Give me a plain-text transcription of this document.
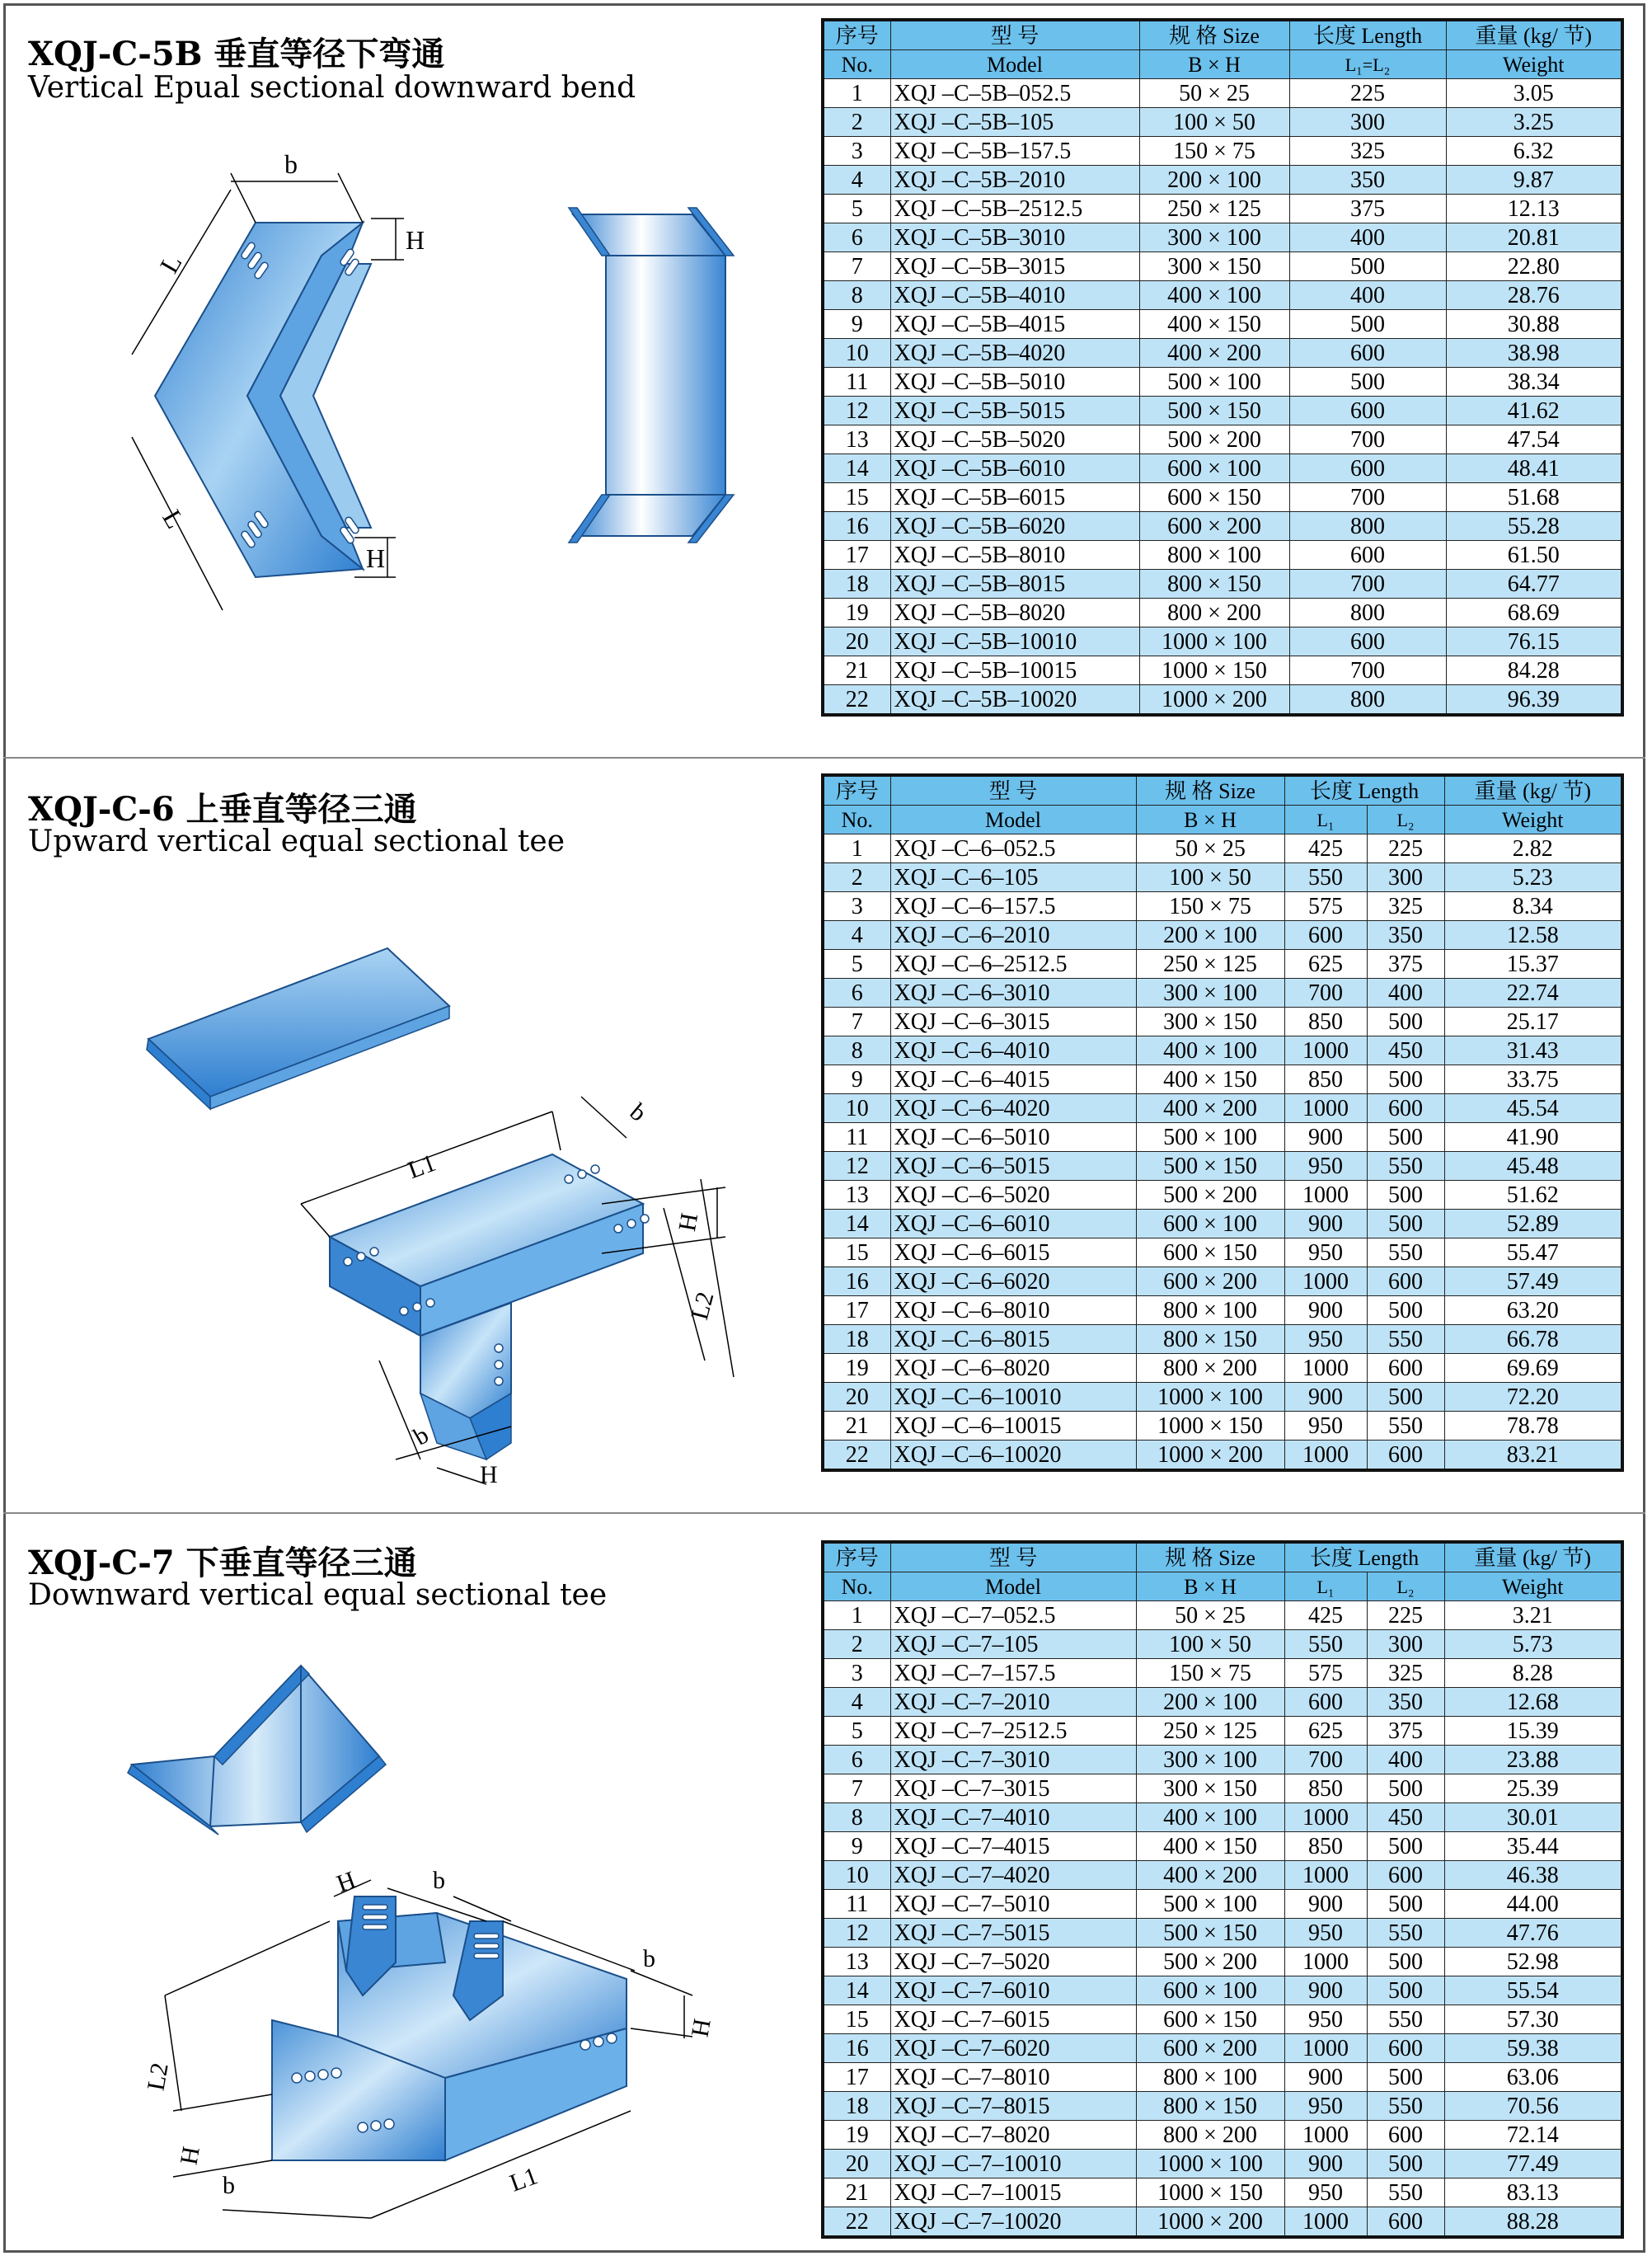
XQJ-C-5B 垂直等径下弯通
Vertical Epual sectional downward bend
b
H
L
L
H
序号	型 号	规 格 Size	长度 Length	重量 (kg/ 节)
No.	Model	B × H	L₁=L₂	Weight
1	XQJ –C–5B–052.5	50 × 25	225	3.05
2	XQJ –C–5B–105	100 × 50	300	3.25
3	XQJ –C–5B–157.5	150 × 75	325	6.32
4	XQJ –C–5B–2010	200 × 100	350	9.87
5	XQJ –C–5B–2512.5	250 × 125	375	12.13
6	XQJ –C–5B–3010	300 × 100	400	20.81
7	XQJ –C–5B–3015	300 × 150	500	22.80
8	XQJ –C–5B–4010	400 × 100	400	28.76
9	XQJ –C–5B–4015	400 × 150	500	30.88
10	XQJ –C–5B–4020	400 × 200	600	38.98
11	XQJ –C–5B–5010	500 × 100	500	38.34
12	XQJ –C–5B–5015	500 × 150	600	41.62
13	XQJ –C–5B–5020	500 × 200	700	47.54
14	XQJ –C–5B–6010	600 × 100	600	48.41
15	XQJ –C–5B–6015	600 × 150	700	51.68
16	XQJ –C–5B–6020	600 × 200	800	55.28
17	XQJ –C–5B–8010	800 × 100	600	61.50
18	XQJ –C–5B–8015	800 × 150	700	64.77
19	XQJ –C–5B–8020	800 × 200	800	68.69
20	XQJ –C–5B–10010	1000 × 100	600	76.15
21	XQJ –C–5B–10015	1000 × 150	700	84.28
22	XQJ –C–5B–10020	1000 × 200	800	96.39
XQJ-C-6 上垂直等径三通
Upward vertical equal sectional tee
L1
b
H
L2
b
H
序号	型 号	规 格 Size	长度 Length		重量 (kg/ 节)
No.	Model	B × H	L₁	L₂	Weight
1	XQJ –C–6–052.5	50 × 25	425	225	2.82
2	XQJ –C–6–105	100 × 50	550	300	5.23
3	XQJ –C–6–157.5	150 × 75	575	325	8.34
4	XQJ –C–6–2010	200 × 100	600	350	12.58
5	XQJ –C–6–2512.5	250 × 125	625	375	15.37
6	XQJ –C–6–3010	300 × 100	700	400	22.74
7	XQJ –C–6–3015	300 × 150	850	500	25.17
8	XQJ –C–6–4010	400 × 100	1000	450	31.43
9	XQJ –C–6–4015	400 × 150	850	500	33.75
10	XQJ –C–6–4020	400 × 200	1000	600	45.54
11	XQJ –C–6–5010	500 × 100	900	500	41.90
12	XQJ –C–6–5015	500 × 150	950	550	45.48
13	XQJ –C–6–5020	500 × 200	1000	500	51.62
14	XQJ –C–6–6010	600 × 100	900	500	52.89
15	XQJ –C–6–6015	600 × 150	950	550	55.47
16	XQJ –C–6–6020	600 × 200	1000	600	57.49
17	XQJ –C–6–8010	800 × 100	900	500	63.20
18	XQJ –C–6–8015	800 × 150	950	550	66.78
19	XQJ –C–6–8020	800 × 200	1000	600	69.69
20	XQJ –C–6–10010	1000 × 100	900	500	72.20
21	XQJ –C–6–10015	1000 × 150	950	550	78.78
22	XQJ –C–6–10020	1000 × 200	1000	600	83.21
XQJ-C-7 下垂直等径三通
Downward vertical equal sectional tee
H	b
b
H
L2
H
b	L1
序号	型 号	规 格 Size	长度 Length		重量 (kg/ 节)
No.	Model	B × H	L₁	L₂	Weight
1	XQJ –C–7–052.5	50 × 25	425	225	3.21
2	XQJ –C–7–105	100 × 50	550	300	5.73
3	XQJ –C–7–157.5	150 × 75	575	325	8.28
4	XQJ –C–7–2010	200 × 100	600	350	12.68
5	XQJ –C–7–2512.5	250 × 125	625	375	15.39
6	XQJ –C–7–3010	300 × 100	700	400	23.88
7	XQJ –C–7–3015	300 × 150	850	500	25.39
8	XQJ –C–7–4010	400 × 100	1000	450	30.01
9	XQJ –C–7–4015	400 × 150	850	500	35.44
10	XQJ –C–7–4020	400 × 200	1000	600	46.38
11	XQJ –C–7–5010	500 × 100	900	500	44.00
12	XQJ –C–7–5015	500 × 150	950	550	47.76
13	XQJ –C–7–5020	500 × 200	1000	500	52.98
14	XQJ –C–7–6010	600 × 100	900	500	55.54
15	XQJ –C–7–6015	600 × 150	950	550	57.30
16	XQJ –C–7–6020	600 × 200	1000	600	59.38
17	XQJ –C–7–8010	800 × 100	900	500	63.06
18	XQJ –C–7–8015	800 × 150	950	550	70.56
19	XQJ –C–7–8020	800 × 200	1000	600	72.14
20	XQJ –C–7–10010	1000 × 100	900	500	77.49
21	XQJ –C–7–10015	1000 × 150	950	550	83.13
22	XQJ –C–7–10020	1000 × 200	1000	600	88.28
